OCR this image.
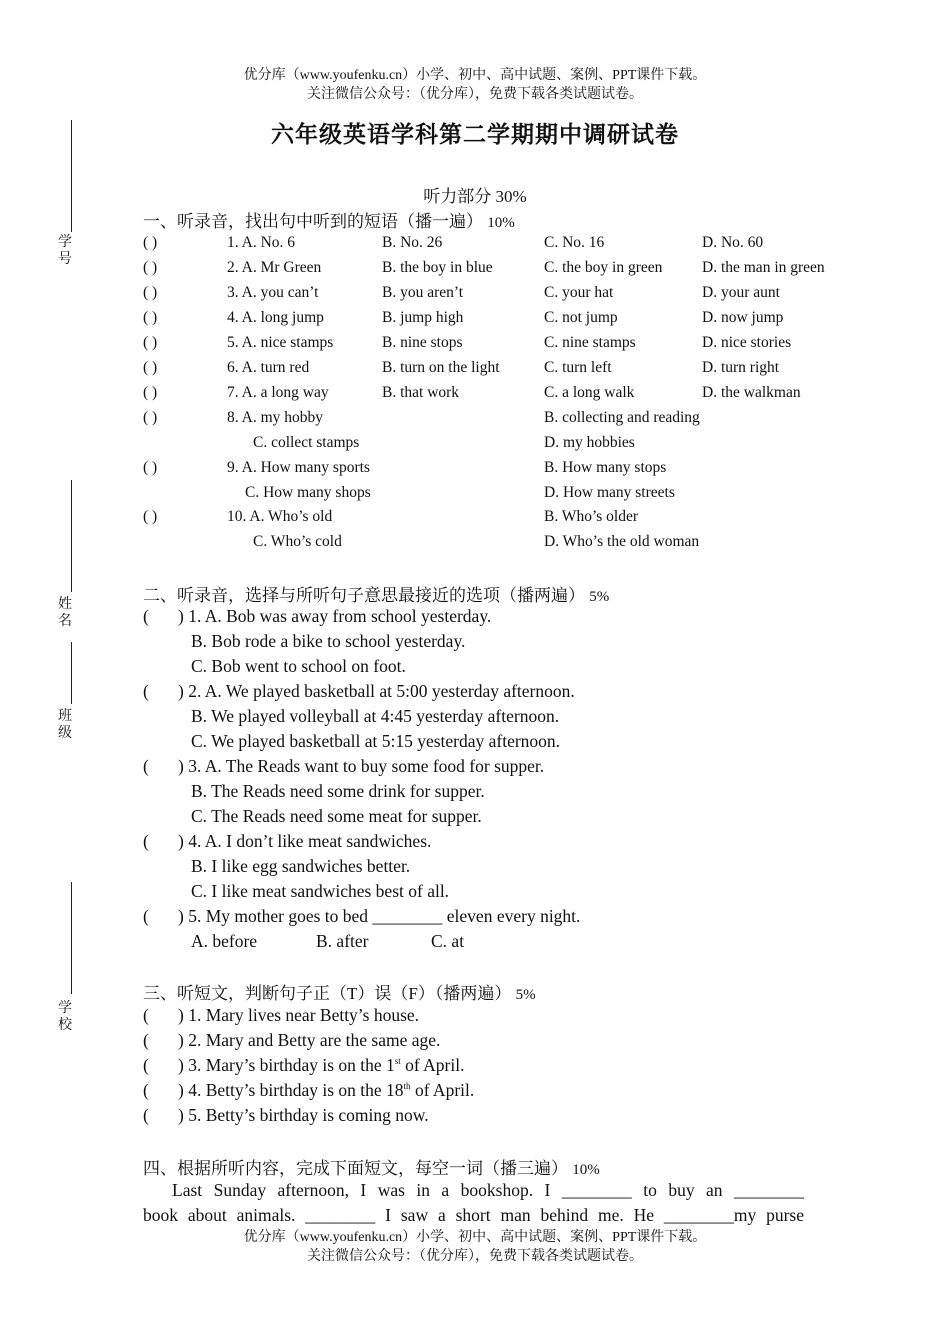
优分库（www.youfenku.cn）小学、初中、高中试题、案例、PPT课件下载。
关注微信公众号：（优分库），免费下载各类试题试卷。
学 号
姓 名
班 级
学 校
六年级英语学科第二学期期中调研试卷
听力部分 30%
一、听录音，找出句中听到的短语（播一遍） 10%
( )	1. A. No. 6	B. No. 26	C. No. 16	D. No. 60
( )	2. A. Mr Green	B. the boy in blue	C. the boy in green	D. the man in green
( )	3. A. you can’t	B. you aren’t	C. your hat	D. your aunt
( )	4. A. long jump	B. jump high	C. not jump	D. now jump
( )	5. A. nice stamps	B. nine stops	C. nine stamps	D. nice stories
( )	6. A. turn red	B. turn on the light	C. turn left	D. turn right
( )	7. A. a long way	B. that work	C. a long walk	D. the walkman
( )	8. A. my hobby	B. collecting and reading
C. collect stamps	D. my hobbies
( )	9. A. How many sports	B. How many stops
C. How many shops	D. How many streets
( )	10. A. Who’s old	B. Who’s older
C. Who’s cold	D. Who’s the old woman
二、听录音，选择与所听句子意思最接近的选项（播两遍） 5%
( ) 1. A. Bob was away from school yesterday.
B. Bob rode a bike to school yesterday.
C. Bob went to school on foot.
( ) 2. A. We played basketball at 5:00 yesterday afternoon.
B. We played volleyball at 4:45 yesterday afternoon.
C. We played basketball at 5:15 yesterday afternoon.
( ) 3. A. The Reads want to buy some food for supper.
B. The Reads need some drink for supper.
C. The Reads need some meat for supper.
( ) 4. A. I don’t like meat sandwiches.
B. I like egg sandwiches better.
C. I like meat sandwiches best of all.
( ) 5. My mother goes to bed ________ eleven every night.
A. before	B. after	C. at
三、听短文，判断句子正（T）误（F）（播两遍） 5%
( ) 1. Mary lives near Betty’s house.
( ) 2. Mary and Betty are the same age.
( ) 3. Mary’s birthday is on the 1st of April.
( ) 4. Betty’s birthday is on the 18th of April.
( ) 5. Betty’s birthday is coming now.
四、根据所听内容，完成下面短文，每空一词（播三遍） 10%
Last Sunday afternoon, I was in a bookshop. I ________ to buy an ________
book about animals. ________ I saw a short man behind me. He ________my purse
优分库（www.youfenku.cn）小学、初中、高中试题、案例、PPT课件下载。
关注微信公众号：（优分库），免费下载各类试题试卷。
